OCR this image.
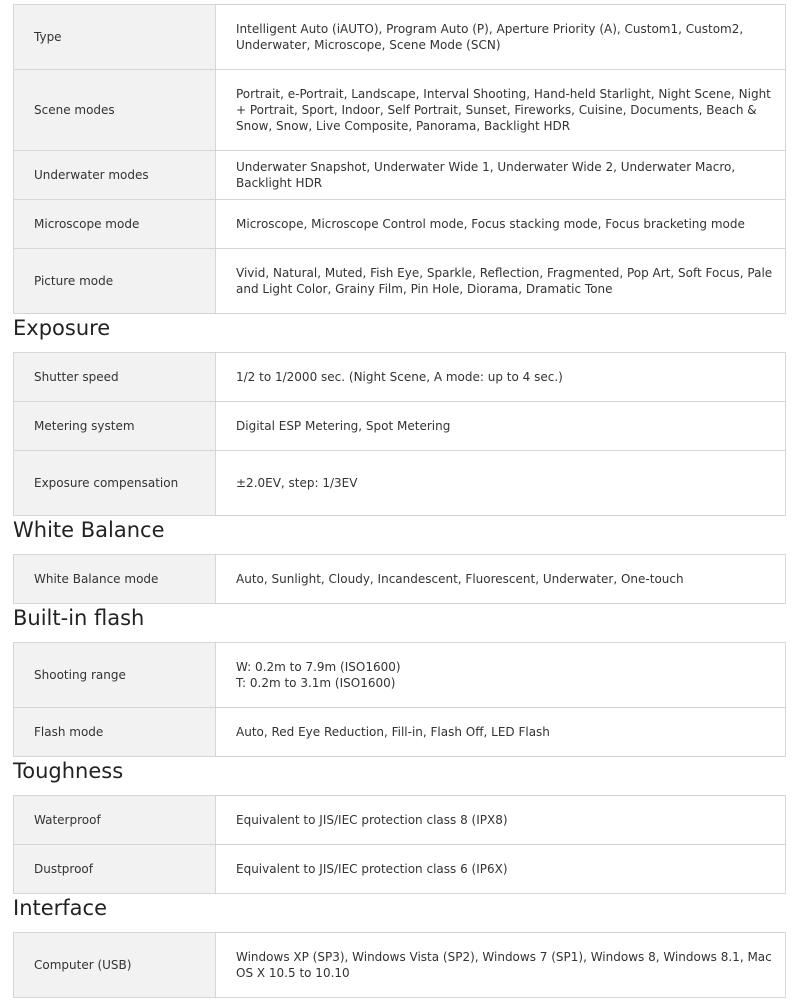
Type	Intelligent Auto (iAUTO), Program Auto (P), Aperture Priority (A), Custom1, Custom2, Underwater, Microscope, Scene Mode (SCN)
Scene modes	Portrait, e-Portrait, Landscape, Interval Shooting, Hand-held Starlight, Night Scene, Night + Portrait, Sport, Indoor, Self Portrait, Sunset, Fireworks, Cuisine, Documents, Beach & Snow, Snow, Live Composite, Panorama, Backlight HDR
Underwater modes	Underwater Snapshot, Underwater Wide 1, Underwater Wide 2, Underwater Macro, Backlight HDR
Microscope mode	Microscope, Microscope Control mode, Focus stacking mode, Focus bracketing mode
Picture mode	Vivid, Natural, Muted, Fish Eye, Sparkle, Reflection, Fragmented, Pop Art, Soft Focus, Pale and Light Color, Grainy Film, Pin Hole, Diorama, Dramatic Tone
Exposure
Shutter speed	1/2 to 1/2000 sec. (Night Scene, A mode: up to 4 sec.)
Metering system	Digital ESP Metering, Spot Metering
Exposure compensation	±2.0EV, step: 1/3EV
White Balance
White Balance mode	Auto, Sunlight, Cloudy, Incandescent, Fluorescent, Underwater, One-touch
Built-in flash
Shooting range	W: 0.2m to 7.9m (ISO1600)
T: 0.2m to 3.1m (ISO1600)

Flash mode	Auto, Red Eye Reduction, Fill-in, Flash Off, LED Flash
Toughness
Waterproof	Equivalent to JIS/IEC protection class 8 (IPX8)
Dustproof	Equivalent to JIS/IEC protection class 6 (IP6X)
Interface
Computer (USB)	Windows XP (SP3), Windows Vista (SP2), Windows 7 (SP1), Windows 8, Windows 8.1, Mac OS X 10.5 to 10.10
